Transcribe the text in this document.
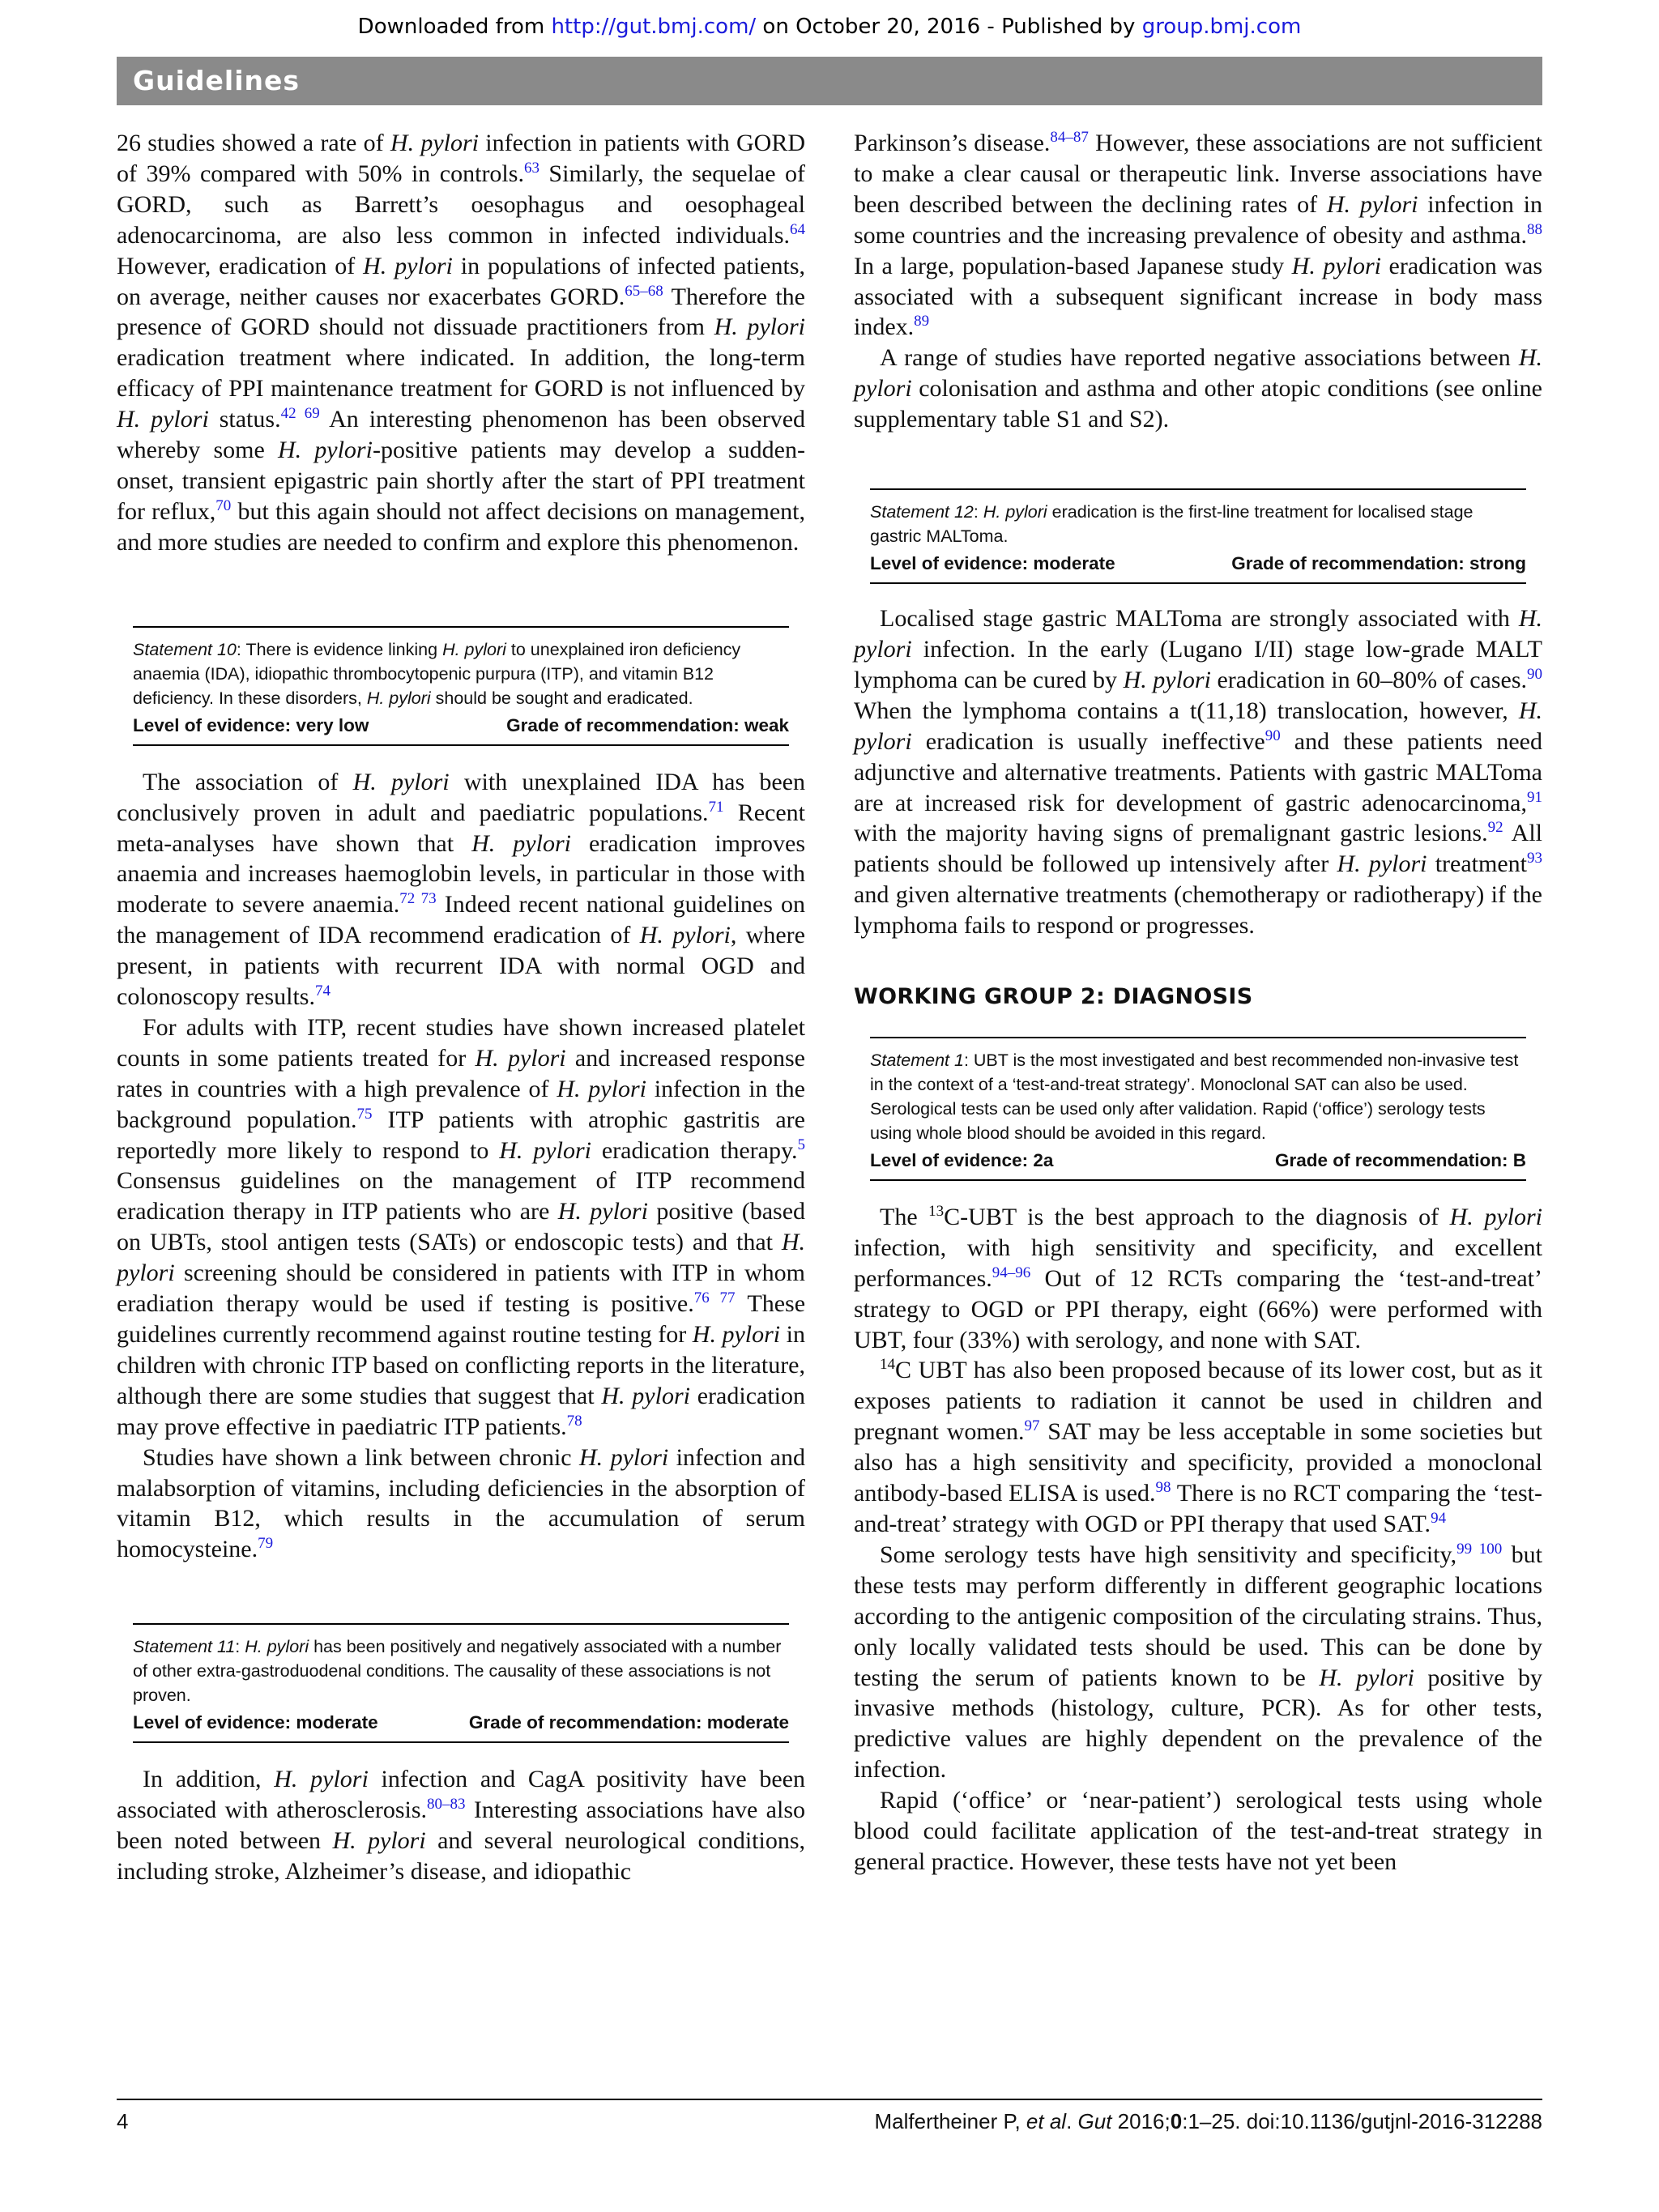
Downloaded from http://gut.bmj.com/ on October 20, 2016 - Published by group.bmj.com
Guidelines

26 studies showed a rate of H. pylori infection in patients with GORD of 39% compared with 50% in controls.$^{63}$ Similarly, the sequelae of GORD, such as Barrett’s oesophagus and oesophageal adenocarcinoma, are also less common in infected individuals.$^{64}$ However, eradication of H. pylori in populations of infected patients, on average, neither causes nor exacerbates GORD.$^{65-68}$ Therefore the presence of GORD should not dissuade practitioners from H. pylori eradication treatment where indicated. In addition, the long-term efficacy of PPI maintenance treatment for GORD is not influenced by H. pylori status.$^{42 69}$ An interesting phenomenon has been observed whereby some H. pylori-positive patients may develop a sudden-onset, transient epigastric pain shortly after the start of PPI treatment for reflux,$^{70}$ but this again should not affect decisions on management, and more studies are needed to confirm and explore this phenomenon.

Statement 10: There is evidence linking H. pylori to unexplained iron deficiency anaemia (IDA), idiopathic thrombocytopenic purpura (ITP), and vitamin B12 deficiency. In these disorders, H. pylori should be sought and eradicated.
Level of evidence: very low	Grade of recommendation: weak

The association of H. pylori with unexplained IDA has been conclusively proven in adult and paediatric populations.$^{71}$ Recent meta-analyses have shown that H. pylori eradication improves anaemia and increases haemoglobin levels, in particular in those with moderate to severe anaemia.$^{72 73}$ Indeed recent national guidelines on the management of IDA recommend eradication of H. pylori, where present, in patients with recurrent IDA with normal OGD and colonoscopy results.$^{74}$

For adults with ITP, recent studies have shown increased platelet counts in some patients treated for H. pylori and increased response rates in countries with a high prevalence of H. pylori infection in the background population.$^{75}$ ITP patients with atrophic gastritis are reportedly more likely to respond to H. pylori eradication therapy.$^5$ Consensus guidelines on the management of ITP recommend eradication therapy in ITP patients who are H. pylori positive (based on UBTs, stool antigen tests (SATs) or endoscopic tests) and that H. pylori screening should be considered in patients with ITP in whom eradiation therapy would be used if testing is positive.$^{76 77}$ These guidelines currently recommend against routine testing for H. pylori in children with chronic ITP based on conflicting reports in the literature, although there are some studies that suggest that H. pylori eradication may prove effective in paediatric ITP patients.$^{78}$

Studies have shown a link between chronic H. pylori infection and malabsorption of vitamins, including deficiencies in the absorption of vitamin B12, which results in the accumulation of serum homocysteine.$^{79}$

Statement 11: H. pylori has been positively and negatively associated with a number of other extra-gastroduodenal conditions. The causality of these associations is not proven.
Level of evidence: moderate	Grade of recommendation: moderate

In addition, H. pylori infection and CagA positivity have been associated with atherosclerosis.$^{80-83}$ Interesting associations have also been noted between H. pylori and several neurological conditions, including stroke, Alzheimer’s disease, and idiopathic

Parkinson’s disease.$^{84-87}$ However, these associations are not sufficient to make a clear causal or therapeutic link. Inverse associations have been described between the declining rates of H. pylori infection in some countries and the increasing prevalence of obesity and asthma.$^{88}$ In a large, population-based Japanese study H. pylori eradication was associated with a subsequent significant increase in body mass index.$^{89}$

A range of studies have reported negative associations between H. pylori colonisation and asthma and other atopic conditions (see online supplementary table S1 and S2).

Statement 12: H. pylori eradication is the first-line treatment for localised stage gastric MALToma.
Level of evidence: moderate	Grade of recommendation: strong

Localised stage gastric MALToma are strongly associated with H. pylori infection. In the early (Lugano I/II) stage low-grade MALT lymphoma can be cured by H. pylori eradication in 60–80% of cases.$^{90}$ When the lymphoma contains a t(11,18) translocation, however, H. pylori eradication is usually ineffective$^{90}$ and these patients need adjunctive and alternative treatments. Patients with gastric MALToma are at increased risk for development of gastric adenocarcinoma,$^{91}$ with the majority having signs of premalignant gastric lesions.$^{92}$ All patients should be followed up intensively after H. pylori treatment$^{93}$ and given alternative treatments (chemotherapy or radiotherapy) if the lymphoma fails to respond or progresses.

WORKING GROUP 2: DIAGNOSIS
Statement 1: UBT is the most investigated and best recommended non-invasive test in the context of a ‘test-and-treat strategy’. Monoclonal SAT can also be used. Serological tests can be used only after validation. Rapid (‘office’) serology tests using whole blood should be avoided in this regard.
Level of evidence: 2a	Grade of recommendation: B

The $^{13}$C-UBT is the best approach to the diagnosis of H. pylori infection, with high sensitivity and specificity, and excellent performances.$^{94-96}$ Out of 12 RCTs comparing the ‘test-and-treat’ strategy to OGD or PPI therapy, eight (66%) were performed with UBT, four (33%) with serology, and none with SAT.

$^{14}$C UBT has also been proposed because of its lower cost, but as it exposes patients to radiation it cannot be used in children and pregnant women.$^{97}$ SAT may be less acceptable in some societies but also has a high sensitivity and specificity, provided a monoclonal antibody-based ELISA is used.$^{98}$ There is no RCT comparing the ‘test-and-treat’ strategy with OGD or PPI therapy that used SAT.$^{94}$

Some serology tests have high sensitivity and specificity,$^{99 100}$ but these tests may perform differently in different geographic locations according to the antigenic composition of the circulating strains. Thus, only locally validated tests should be used. This can be done by testing the serum of patients known to be H. pylori positive by invasive methods (histology, culture, PCR). As for other tests, predictive values are highly dependent on the prevalence of the infection.

Rapid (‘office’ or ‘near-patient’) serological tests using whole blood could facilitate application of the test-and-treat strategy in general practice. However, these tests have not yet been

4	Malfertheiner P, et al. Gut 2016;0:1–25. doi:10.1136/gutjnl-2016-312288
